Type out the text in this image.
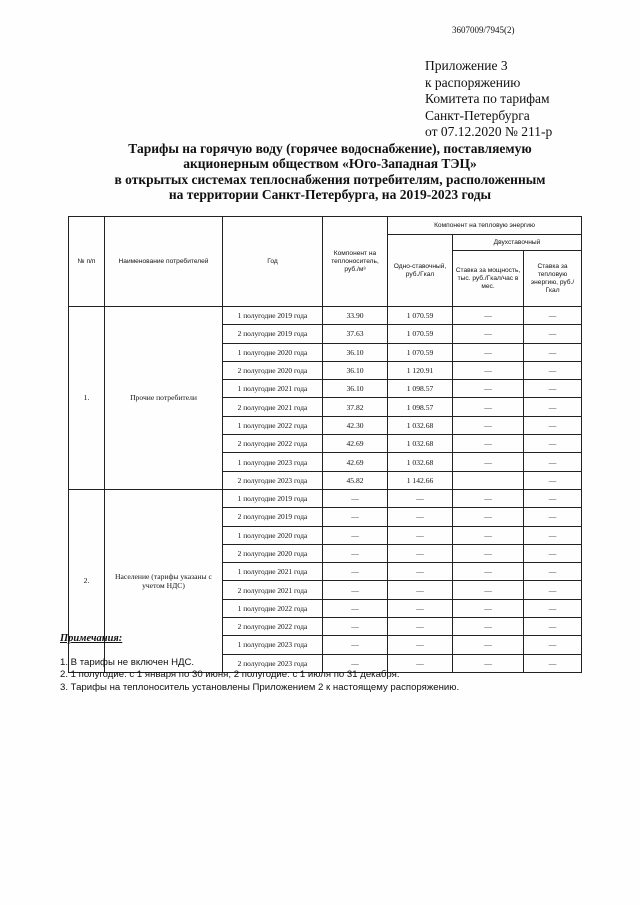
3607009/7945(2)
Приложение 3
к распоряжению
Комитета по тарифам
Санкт-Петербурга
от 07.12.2020 № 211-р
Тарифы на горячую воду (горячее водоснабжение), поставляемую
акционерным обществом «Юго-Западная ТЭЦ»
в открытых системах теплоснабжения потребителям, расположенным
на территории Санкт-Петербурга, на 2019-2023 годы
№ п/п	Наименование потребителей	Год	Компонент на теплоноситель, руб./м³	Компонент на тепловую энергию		
				Одно-ставочный, руб./Гкал	Двухставочный	
					Ставка за мощность, тыс. руб./Гкал/час в мес.	Ставка за тепловую энергию, руб./Гкал
1.	Прочие потребители	1 полугодие 2019 года	33.90	1 070.59	—	—
		2 полугодие 2019 года	37.63	1 070.59	—	—
		1 полугодие 2020 года	36.10	1 070.59	—	—
		2 полугодие 2020 года	36.10	1 120.91	—	—
		1 полугодие 2021 года	36.10	1 098.57	—	—
		2 полугодие 2021 года	37.82	1 098.57	—	—
		1 полугодие 2022 года	42.30	1 032.68	—	—
		2 полугодие 2022 года	42.69	1 032.68	—	—
		1 полугодие 2023 года	42.69	1 032.68	—	—
		2 полугодие 2023 года	45.82	1 142.66		—
2.	Население (тарифы указаны с учетом НДС)	1 полугодие 2019 года	—	—	—	—
		2 полугодие 2019 года	—	—	—	—
		1 полугодие 2020 года	—	—	—	—
		2 полугодие 2020 года	—	—	—	—
		1 полугодие 2021 года	—	—	—	—
		2 полугодие 2021 года	—	—	—	—
		1 полугодие 2022 года	—	—	—	—
		2 полугодие 2022 года	—	—	—	—
		1 полугодие 2023 года	—	—	—	—
		2 полугодие 2023 года	—	—	—	—
Примечания:
1. В тарифы не включен НДС.
2. 1 полугодие: с 1 января по 30 июня; 2 полугодие: с 1 июля по 31 декабря.
3. Тарифы на теплоноситель установлены Приложением 2 к настоящему распоряжению.
